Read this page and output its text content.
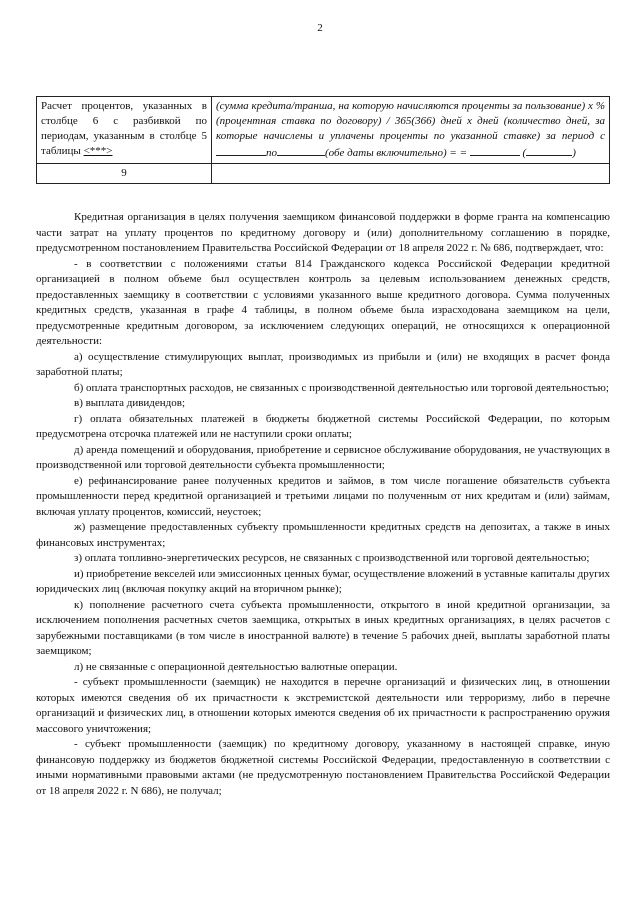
2
Расчет процентов, указанных в столбце 6 с разбивкой по периодам, указанным в столбце 5 таблицы <***>	(сумма кредита/транша, на которую начисляются проценты за пользование) x % (процентная ставка по договору) / 365(366) дней x дней (количество дней, за которые начислены и уплачены проценты по указанной ставке) за период с по (обе даты включительно) = = ( )
9	

Кредитная организация в целях получения заемщиком финансовой поддержки в форме гранта на компенсацию части затрат на уплату процентов по кредитному договору и (или) дополнительному соглашению в порядке, предусмотренном постановлением Правительства Российской Федерации от 18 апреля 2022 г. № 686, подтверждает, что:

- в соответствии с положениями статьи 814 Гражданского кодекса Российской Федерации кредитной организацией в полном объеме был осуществлен контроль за целевым использованием денежных средств, предоставленных заемщику в соответствии с условиями указанного выше кредитного договора. Сумма полученных кредитных средств, указанная в графе 4 таблицы, в полном объеме была израсходована заемщиком на цели, предусмотренные кредитным договором, за исключением следующих операций, не относящихся к операционной деятельности:

а) осуществление стимулирующих выплат, производимых из прибыли и (или) не входящих в расчет фонда заработной платы;

б) оплата транспортных расходов, не связанных с производственной деятельностью или торговой деятельностью;

в) выплата дивидендов;

г) оплата обязательных платежей в бюджеты бюджетной системы Российской Федерации, по которым предусмотрена отсрочка платежей или не наступили сроки оплаты;

д) аренда помещений и оборудования, приобретение и сервисное обслуживание оборудования, не участвующих в производственной или торговой деятельности субъекта промышленности;

е) рефинансирование ранее полученных кредитов и займов, в том числе погашение обязательств субъекта промышленности перед кредитной организацией и третьими лицами по полученным от них кредитам и (или) займам, включая уплату процентов, комиссий, неустоек;

ж) размещение предоставленных субъекту промышленности кредитных средств на депозитах, а также в иных финансовых инструментах;

з) оплата топливно-энергетических ресурсов, не связанных с производственной или торговой деятельностью;

и) приобретение векселей или эмиссионных ценных бумаг, осуществление вложений в уставные капиталы других юридических лиц (включая покупку акций на вторичном рынке);

к) пополнение расчетного счета субъекта промышленности, открытого в иной кредитной организации, за исключением пополнения расчетных счетов заемщика, открытых в иных кредитных организациях, в целях расчетов с зарубежными поставщиками (в том числе в иностранной валюте) в течение 5 рабочих дней, выплаты заработной платы заемщиком;

л) не связанные с операционной деятельностью валютные операции.

- субъект промышленности (заемщик) не находится в перечне организаций и физических лиц, в отношении которых имеются сведения об их причастности к экстремистской деятельности или терроризму, либо в перечне организаций и физических лиц, в отношении которых имеются сведения об их причастности к распространению оружия массового уничтожения;

- субъект промышленности (заемщик) по кредитному договору, указанному в настоящей справке, иную финансовую поддержку из бюджетов бюджетной системы Российской Федерации, предоставленную в соответствии с иными нормативными правовыми актами (не предусмотренную постановлением Правительства Российской Федерации от 18 апреля 2022 г. N 686), не получал;
